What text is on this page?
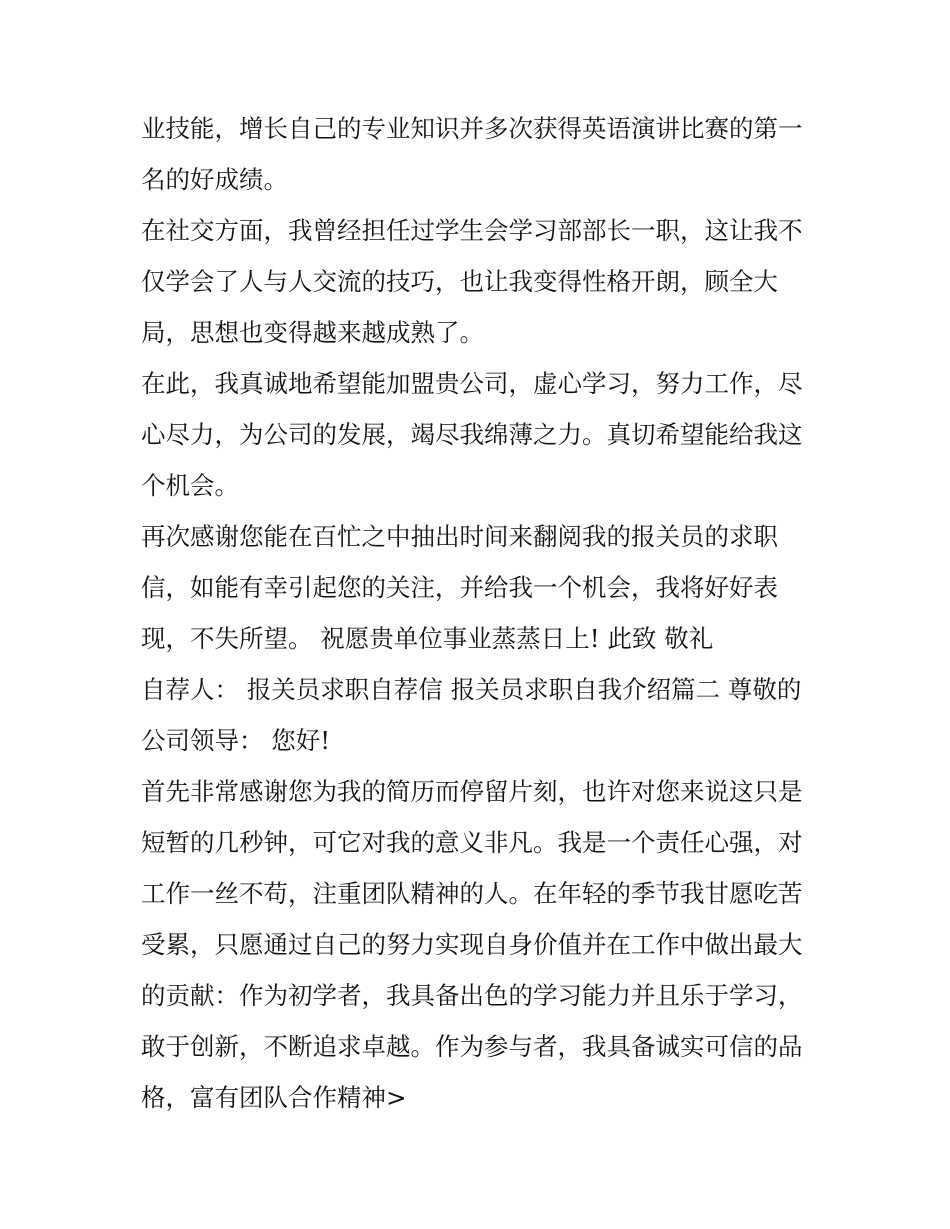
业技能，增长自己的专业知识并多次获得英语演讲比赛的第一
名的好成绩。
在社交方面，我曾经担任过学生会学习部部长一职，这让我不
仅学会了人与人交流的技巧，也让我变得性格开朗，顾全大
局，思想也变得越来越成熟了。
在此，我真诚地希望能加盟贵公司，虚心学习，努力工作，尽
心尽力，为公司的发展，竭尽我绵薄之力。真切希望能给我这
个机会。
再次感谢您能在百忙之中抽出时间来翻阅我的报关员的求职
信，如能有幸引起您的关注，并给我一个机会，我将好好表
现，不失所望。 祝愿贵单位事业蒸蒸日上! 此致 敬礼
自荐人： 报关员求职自荐信 报关员求职自我介绍篇二 尊敬的
公司领导： 您好!
首先非常感谢您为我的简历而停留片刻，也许对您来说这只是
短暂的几秒钟，可它对我的意义非凡。我是一个责任心强，对
工作一丝不苟，注重团队精神的人。在年轻的季节我甘愿吃苦
受累，只愿通过自己的努力实现自身价值并在工作中做出最大
的贡献：作为初学者，我具备出色的学习能力并且乐于学习，
敢于创新，不断追求卓越。作为参与者，我具备诚实可信的品
格，富有团队合作精神>
